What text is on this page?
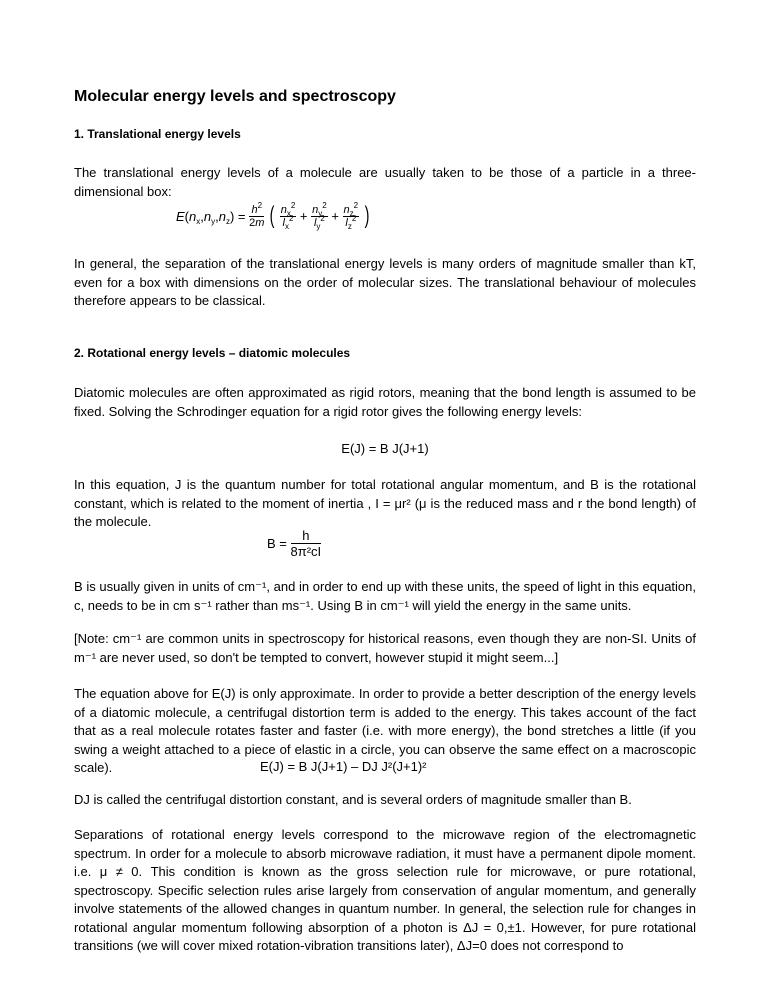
Molecular energy levels and spectroscopy
1. Translational energy levels

The translational energy levels of a molecule are usually taken to be those of a particle in a three-dimensional box:

$E(n_x,n_y,n_z) = \frac{h^2}{2m}$ ( $\frac{n_x^2}{l_x^2} + \frac{n_y^2}{l_y^2} + \frac{n_z^2}{l_z^2}$ )

In general, the separation of the translational energy levels is many orders of magnitude smaller than kT, even for a box with dimensions on the order of molecular sizes. The translational behaviour of molecules therefore appears to be classical.

2. Rotational energy levels – diatomic molecules

Diatomic molecules are often approximated as rigid rotors, meaning that the bond length is assumed to be fixed. Solving the Schrodinger equation for a rigid rotor gives the following energy levels:

E(J) = B J(J+1)

In this equation, J is the quantum number for total rotational angular momentum, and B is the rotational constant, which is related to the moment of inertia , I = μr² (μ is the reduced mass and r the bond length) of the molecule.

$B = \frac{h}{\text{8π²cI}}$

B is usually given in units of cm⁻¹, and in order to end up with these units, the speed of light in this equation, c, needs to be in cm s⁻¹ rather than ms⁻¹. Using B in cm⁻¹ will yield the energy in the same units.

[Note: cm⁻¹ are common units in spectroscopy for historical reasons, even though they are non-SI. Units of m⁻¹ are never used, so don't be tempted to convert, however stupid it might seem...]

The equation above for E(J) is only approximate. In order to provide a better description of the energy levels of a diatomic molecule, a centrifugal distortion term is added to the energy. This takes account of the fact that as a real molecule rotates faster and faster (i.e. with more energy), the bond stretches a little (if you swing a weight attached to a piece of elastic in a circle, you can observe the same effect on a macroscopic scale).	E(J) = B J(J+1) – DJ J²(J+1)²

DJ is called the centrifugal distortion constant, and is several orders of magnitude smaller than B.

Separations of rotational energy levels correspond to the microwave region of the electromagnetic spectrum. In order for a molecule to absorb microwave radiation, it must have a permanent dipole moment. i.e. μ ≠ 0. This condition is known as the gross selection rule for microwave, or pure rotational, spectroscopy. Specific selection rules arise largely from conservation of angular momentum, and generally involve statements of the allowed changes in quantum number. In general, the selection rule for changes in rotational angular momentum following absorption of a photon is ΔJ = 0,±1. However, for pure rotational transitions (we will cover mixed rotation-vibration transitions later), ΔJ=0 does not correspond to
